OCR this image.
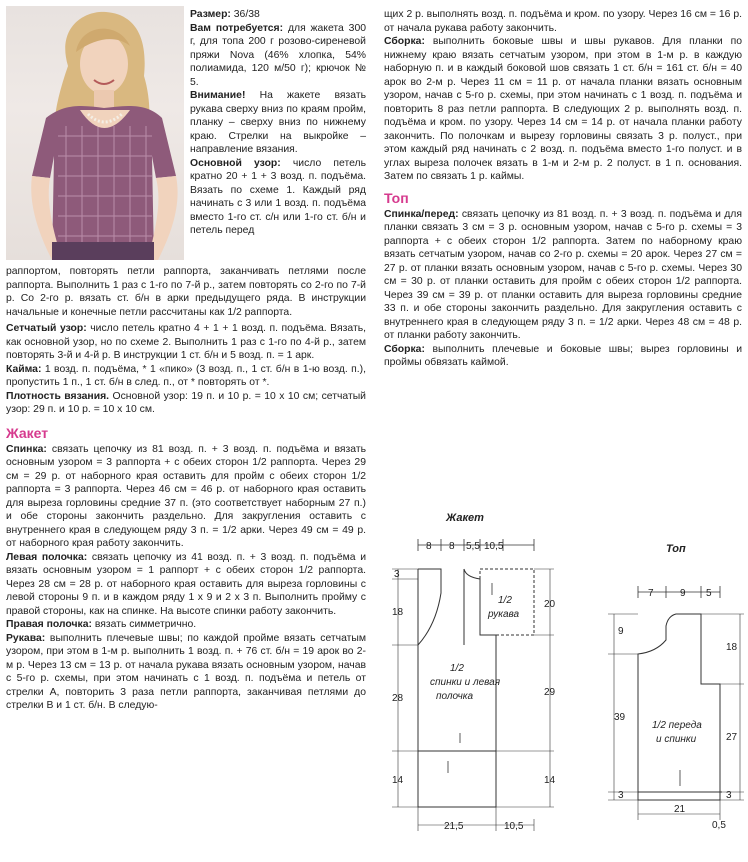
Размер: 36/38

Вам потребуется: для жакета 300 г, для топа 200 г розово-сиреневой пряжи Nova (46% хлопка, 54% полиамида, 120 м/50 г); крючок № 5.

Внимание! На жакете вязать рукава сверху вниз по краям пройм, планку – сверху вниз по нижнему краю. Стрелки на выкройке – направление вязания.

Основной узор: число петель кратно 20 + 1 + 3 возд. п. подъёма. Вязать по схеме 1. Каждый ряд начинать с 3 или 1 возд. п. подъёма вместо 1-го ст. с/н или 1-го ст. б/н и петель перед

раппортом, повторять петли раппорта, заканчивать петлями после раппорта. Выполнить 1 раз с 1-го по 7-й р., затем повторять со 2-го по 7-й р. Со 2-го р. вязать ст. б/н в арки предыдущего ряда. В инструкции начальные и конечные петли рассчитаны как 1/2 раппорта.

Сетчатый узор: число петель кратно 4 + 1 + 1 возд. п. подъёма. Вязать, как основной узор, но по схеме 2. Выполнить 1 раз с 1-го по 4-й р., затем повторять 3-й и 4-й р. В инструкции 1 ст. б/н и 5 возд. п. = 1 арк.

Кайма: 1 возд. п. подъёма, * 1 «пико» (3 возд. п., 1 ст. б/н в 1-ю возд. п.), пропустить 1 п., 1 ст. б/н в след. п., от * повторять от *.

Плотность вязания. Основной узор: 19 п. и 10 р. = 10 х 10 см; сетчатый узор: 29 п. и 10 р. = 10 х 10 см.

Жакет

Спинка: связать цепочку из 81 возд. п. + 3 возд. п. подъёма и вязать основным узором = 3 раппорта + с обеих сторон 1/2 раппорта. Через 29 см = 29 р. от наборного края оставить для пройм с обеих сторон 1/2 раппорта = 3 раппорта. Через 46 см = 46 р. от наборного края оставить для выреза горловины средние 37 п. (это соответствует наборным 27 п.) и обе стороны закончить раздельно. Для закругления оставить с внутреннего края в следующем ряду 3 п. = 1/2 арки. Через 49 см = 49 р. от наборного края работу закончить.

Левая полочка: связать цепочку из 41 возд. п. + 3 возд. п. подъёма и вязать основным узором = 1 раппорт + с обеих сторон 1/2 раппорта. Через 28 см = 28 р. от наборного края оставить для выреза горловины с левой стороны 9 п. и в каждом ряду 1 х 9 и 2 х 3 п. Выполнить пройму с правой стороны, как на спинке. На высоте спинки работу закончить.

Правая полочка: вязать симметрично.

Рукава: выполнить плечевые швы; по каждой пройме вязать сетчатым узором, при этом в 1-м р. выполнить 1 возд. п. + 76 ст. б/н = 19 арок во 2-м р. Через 13 см = 13 р. от начала рукава вязать основным узором, начав с 5-го р. схемы, при этом начинать с 1 возд. п. подъёма и петель от стрелки А, повторить 3 раза петли раппорта, заканчивая петлями до стрелки В и 1 ст. б/н. В следую-

щих 2 р. выполнять возд. п. подъёма и кром. по узору. Через 16 см = 16 р. от начала рукава работу закончить.

Сборка: выполнить боковые швы и швы рукавов. Для планки по нижнему краю вязать сетчатым узором, при этом в 1-м р. в каждую наборную п. и в каждый боковой шов связать 1 ст. б/н = 161 ст. б/н = 40 арок во 2-м р. Через 11 см = 11 р. от начала планки вязать основным узором, начав с 5-го р. схемы, при этом начинать с 1 возд. п. подъёма и повторить 8 раз петли раппорта. В следующих 2 р. выполнять возд. п. подъёма и кром. по узору. Через 14 см = 14 р. от начала планки работу закончить. По полочкам и вырезу горловины связать 3 р. полуст., при этом каждый ряд начинать с 2 возд. п. подъёма вместо 1-го полуст. и в углах выреза полочек вязать в 1-м и 2-м р. 2 полуст. в 1 п. основания. Затем по связать 1 р. каймы.

Топ

Спинка/перед: связать цепочку из 81 возд. п. + 3 возд. п. подъёма и для планки связать 3 см = 3 р. основным узором, начав с 5-го р. схемы = 3 раппорта + с обеих сторон 1/2 раппорта. Затем по наборному краю вязать сетчатым узором, начав со 2-го р. схемы = 20 арок. Через 27 см = 27 р. от планки вязать основным узором, начав с 5-го р. схемы. Через 30 см = 30 р. от планки оставить для пройм с обеих сторон 1/2 раппорта. Через 39 см = 39 р. от планки оставить для выреза горловины средние 33 п. и обе стороны закончить раздельно. Для закругления оставить с внутреннего края в следующем ряду 3 п. = 1/2 арки. Через 48 см = 48 р. от планки работу закончить.

Сборка: выполнить плечевые и боковые швы; вырез горловины и проймы обвязать каймой.

Жакет
8 8 5,5 10,5
1/2
рукава
1/2
спинки и левая
полочка
3
18
28
14
20
29
14
21,5	10,5
Топ
7	9 5
1/2 переда
и спинки
9
39
3
18
27
3
21
0,5
